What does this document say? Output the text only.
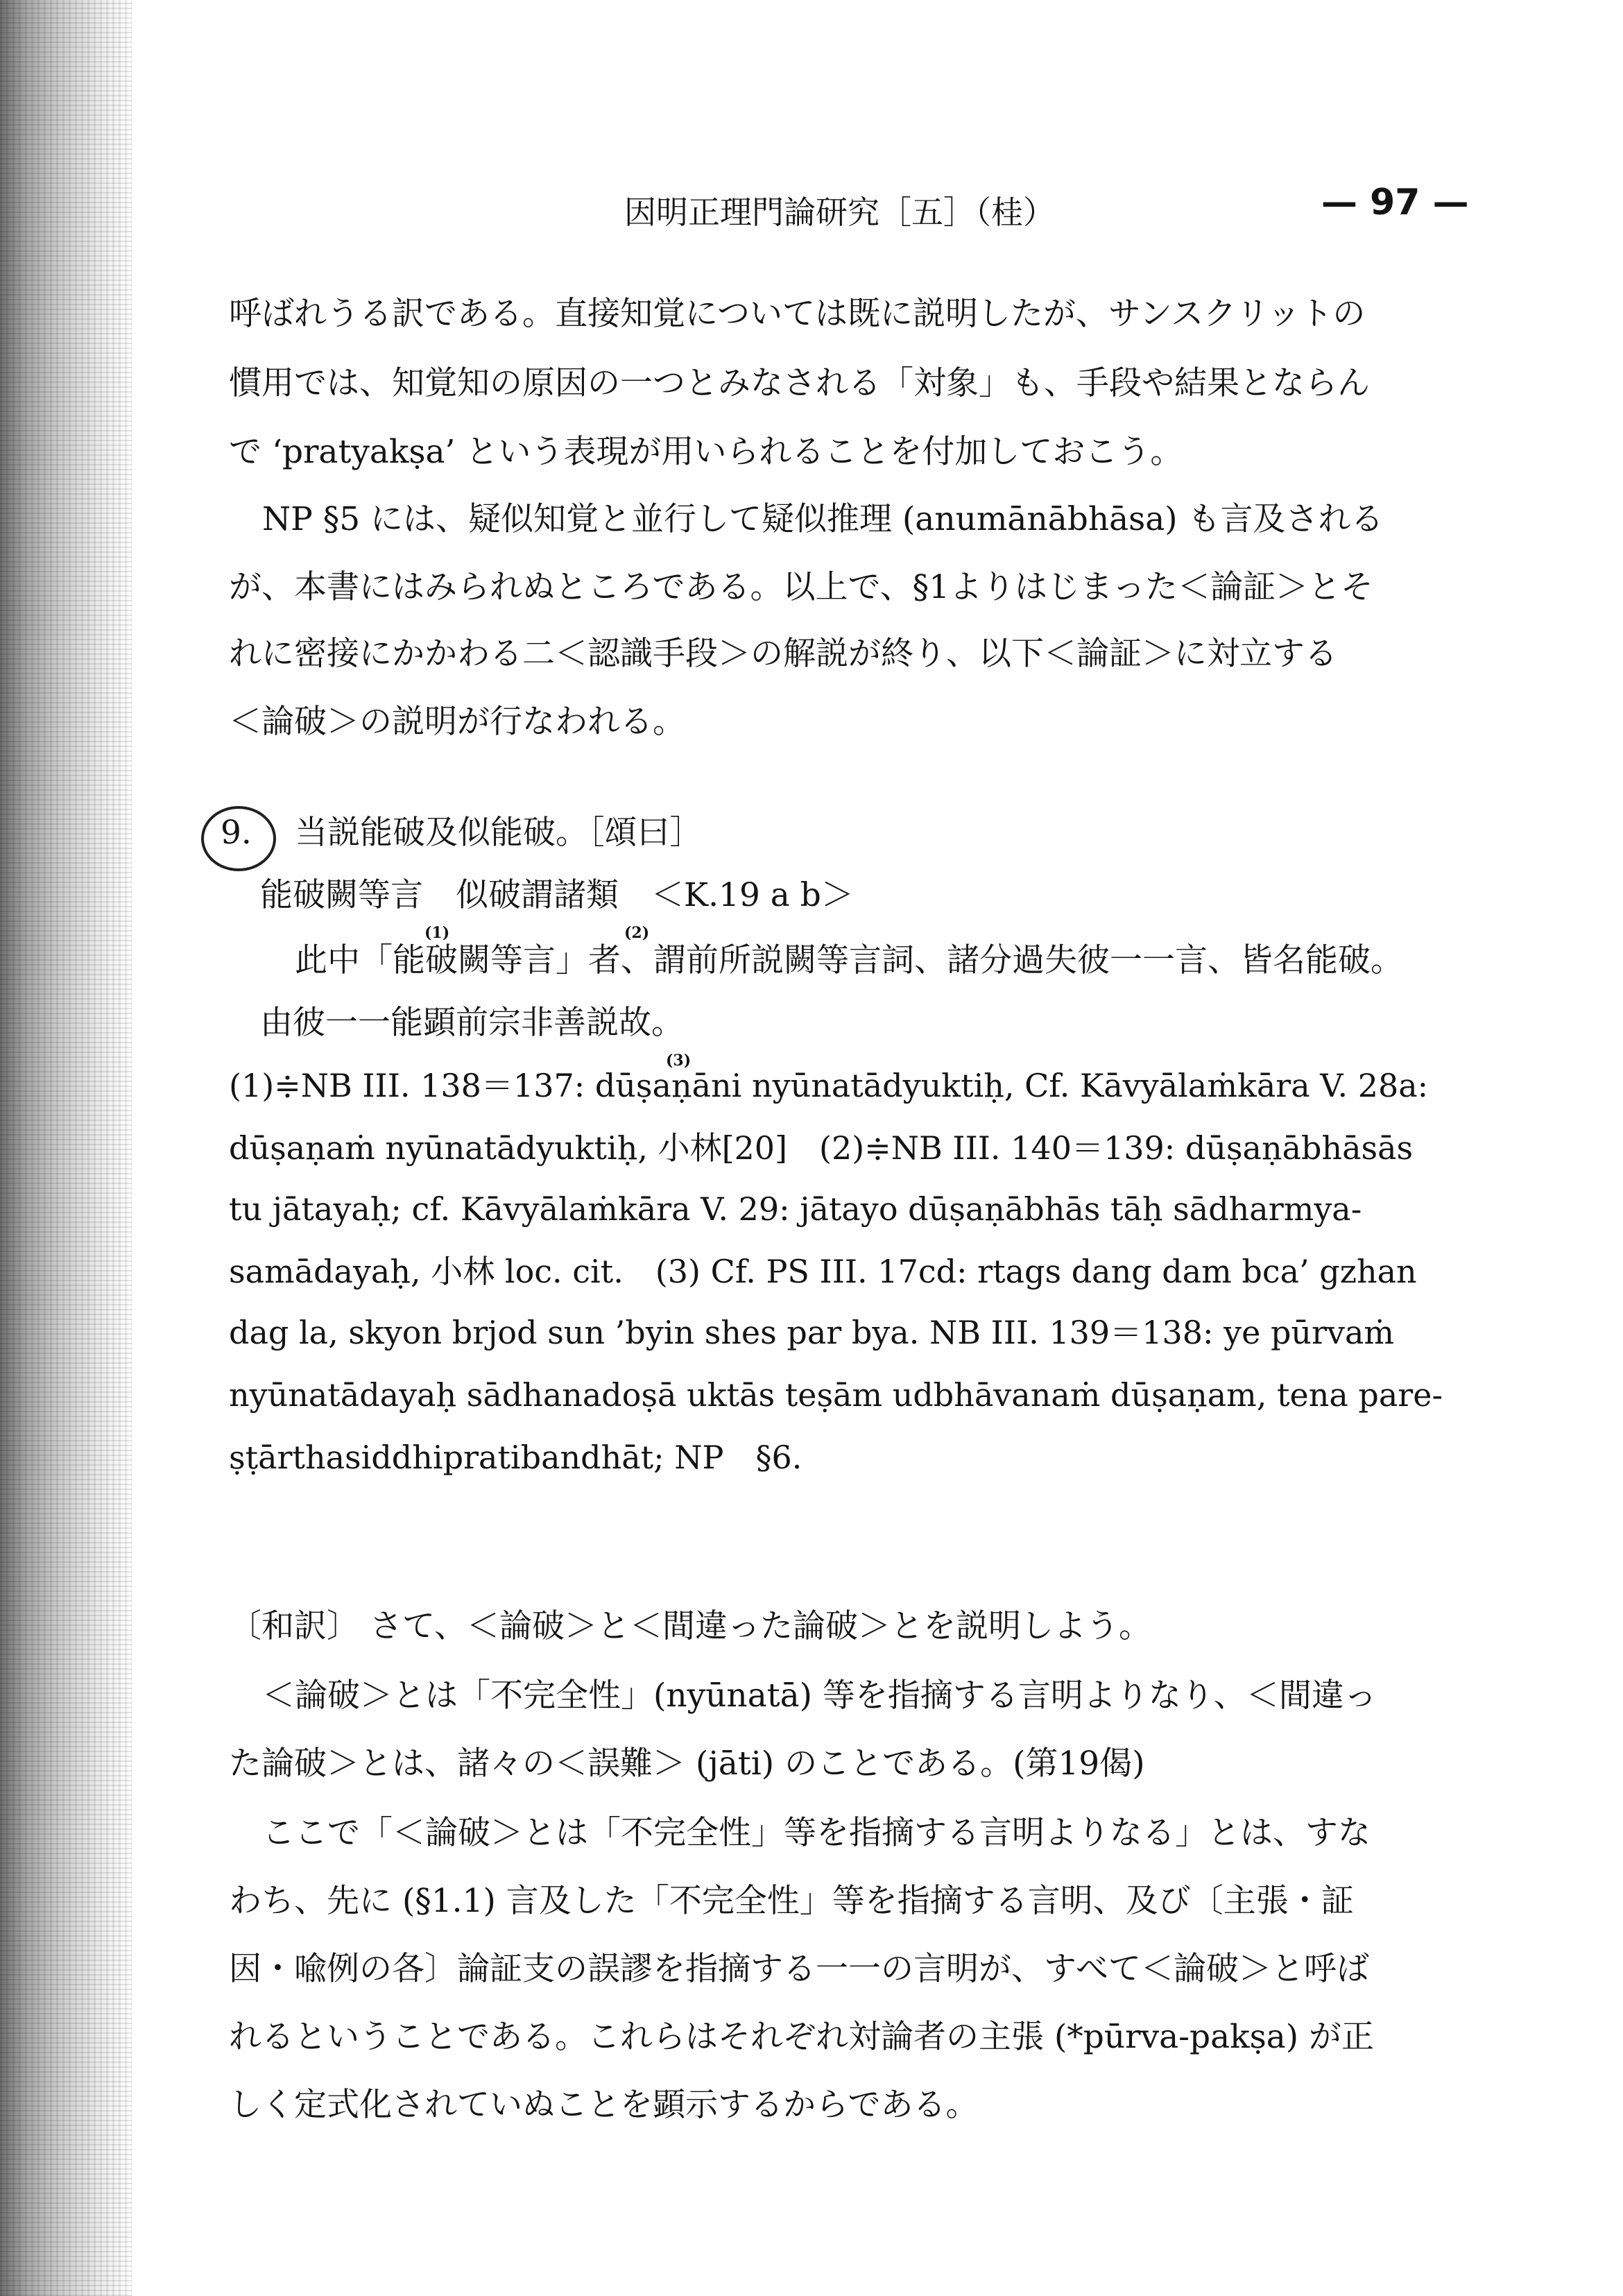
因明正理門論研究［五］（桂）	— 97 —
呼ばれうる訳である。直接知覚については既に説明したが、サンスクリットの
慣用では、知覚知の原因の一つとみなされる「対象」も、手段や結果とならん
で ‘pratyakṣa’ という表現が用いられることを付加しておこう。
NP §5 には、疑似知覚と並行して疑似推理 (anumānābhāsa) も言及される
が、本書にはみられぬところである。以上で、§1よりはじまった＜論証＞とそ
れに密接にかかわる二＜認識手段＞の解説が終り、以下＜論証＞に対立する
＜論破＞の説明が行なわれる。
9. 当説能破及似能破。［頌曰］
能破闕等言　似破謂諸類　＜K.19 a b＞
(1)	(2)
此中「能破闕等言」者、謂前所説闕等言詞、諸分過失彼一一言、皆名能破。
由彼一一能顕前宗非善説故。
(3)
(1)≑NB III. 138＝137: dūṣaṇāni nyūnatādyuktiḥ, Cf. Kāvyālaṁkāra V. 28a:
dūṣaṇaṁ nyūnatādyuktiḥ, 小林[20]　(2)≑NB III. 140＝139: dūṣaṇābhāsās
tu jātayaḥ; cf. Kāvyālaṁkāra V. 29: jātayo dūṣaṇābhās tāḥ sādharmya-
samādayaḥ, 小林 loc. cit.　(3) Cf. PS III. 17cd: rtags dang dam bca’ gzhan
dag la, skyon brjod sun ’byin shes par bya. NB III. 139＝138: ye pūrvaṁ
nyūnatādayaḥ sādhanadoṣā uktās teṣām udbhāvanaṁ dūṣaṇam, tena pare-
ṣṭārthasiddhipratibandhāt; NP　§6.
〔和訳〕 さて、＜論破＞と＜間違った論破＞とを説明しよう。
＜論破＞とは「不完全性」(nyūnatā) 等を指摘する言明よりなり、＜間違っ
た論破＞とは、諸々の＜誤難＞ (jāti) のことである。(第19偈)
ここで「＜論破＞とは「不完全性」等を指摘する言明よりなる」とは、すな
わち、先に (§1.1) 言及した「不完全性」等を指摘する言明、及び〔主張・証
因・喩例の各〕論証支の誤謬を指摘する一一の言明が、すべて＜論破＞と呼ば
れるということである。これらはそれぞれ対論者の主張 (*pūrva-pakṣa) が正
しく定式化されていぬことを顕示するからである。
